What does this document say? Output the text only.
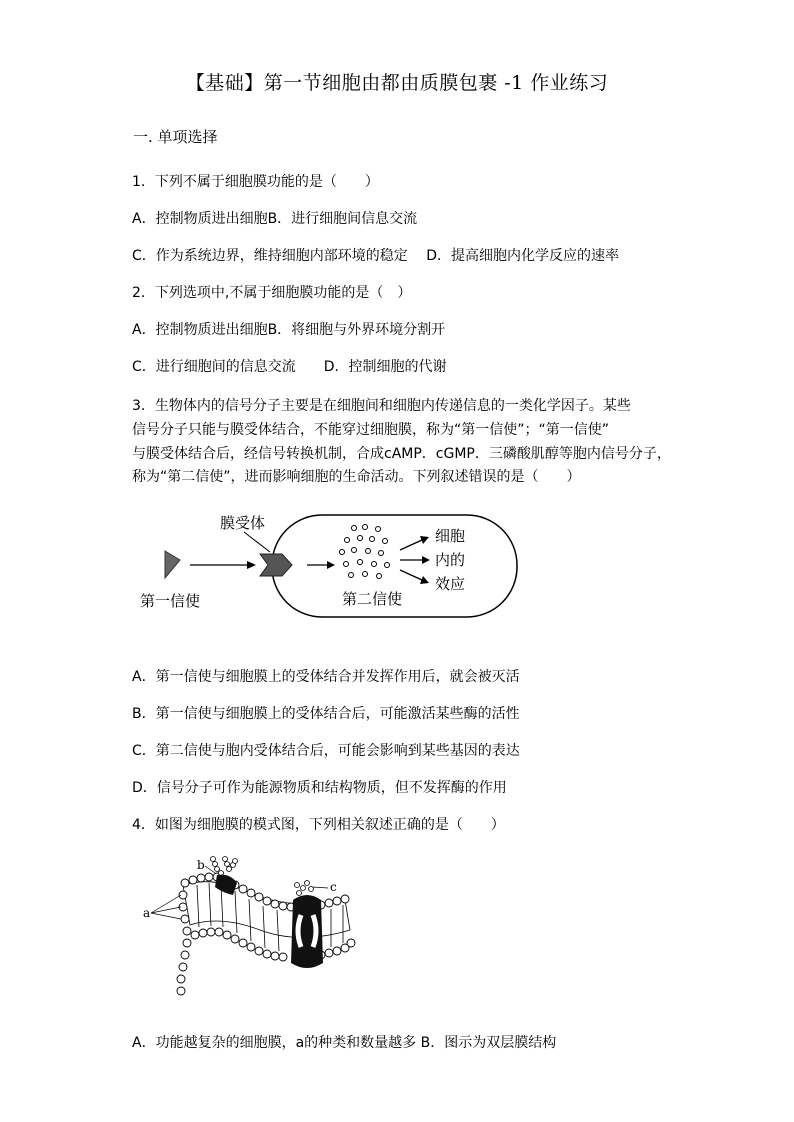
【基础】第一节细胞由都由质膜包裹 -1 作业练习
一. 单项选择
1．下列不属于细胞膜功能的是（　　）
A．控制物质进出细胞B．进行细胞间信息交流
C．作为系统边界，维持细胞内部环境的稳定　 D．提高细胞内化学反应的速率
2．下列选项中,不属于细胞膜功能的是（　）
A．控制物质进出细胞B．将细胞与外界环境分割开
C．进行细胞间的信息交流　　D．控制细胞的代谢
3．生物体内的信号分子主要是在细胞间和细胞内传递信息的一类化学因子。某些
信号分子只能与膜受体结合，不能穿过细胞膜，称为“第一信使”；“第一信使”
与膜受体结合后，经信号转换机制，合成cAMP．cGMP．三磷酸肌醇等胞内信号分子，
称为“第二信使”，进而影响细胞的生命活动。下列叙述错误的是（　　）
第一信使
膜受体
第二信使
细胞
内的
效应
A．第一信使与细胞膜上的受体结合并发挥作用后，就会被灭活
B．第一信使与细胞膜上的受体结合后，可能激活某些酶的活性
C．第二信使与胞内受体结合后，可能会影响到某些基因的表达
D．信号分子可作为能源物质和结构物质，但不发挥酶的作用
4．如图为细胞膜的模式图，下列相关叙述正确的是（　　）
a
b
c
A．功能越复杂的细胞膜，a的种类和数量越多 B．图示为双层膜结构
